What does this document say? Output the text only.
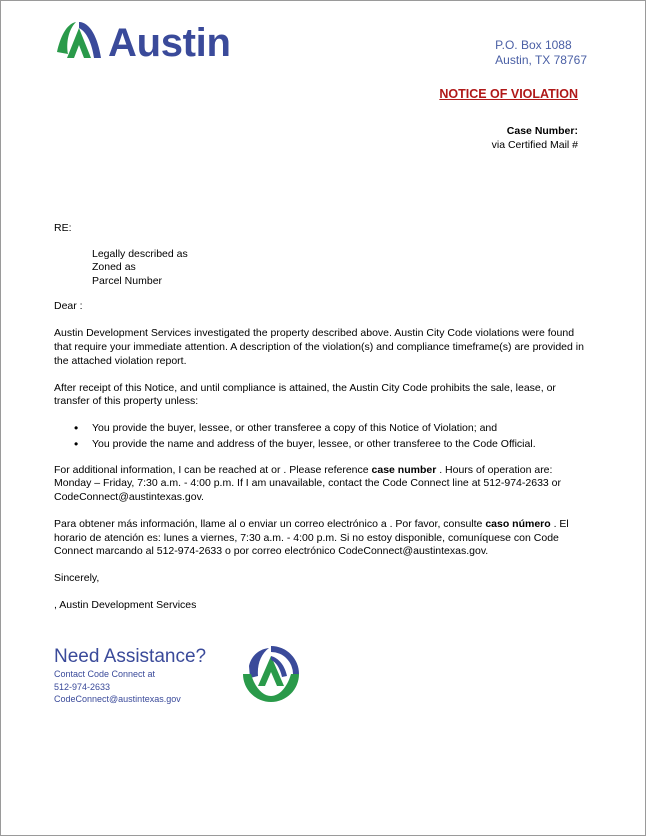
Austin	P.O. Box 1088
Austin, TX 78767
NOTICE OF VIOLATION
Case Number:
via Certified Mail #

RE:

Legally described as

Zoned as

Parcel Number

Dear :

Austin Development Services investigated the property described above. Austin City Code violations were found that require your immediate attention. A description of the violation(s) and compliance timeframe(s) are provided in the attached violation report.

After receipt of this Notice, and until compliance is attained, the Austin City Code prohibits the sale, lease, or transfer of this property unless:

• You provide the buyer, lessee, or other transferee a copy of this Notice of Violation; and
• You provide the name and address of the buyer, lessee, or other transferee to the Code Official.

For additional information, I can be reached at or . Please reference case number . Hours of operation are: Monday – Friday, 7:30 a.m. - 4:00 p.m. If I am unavailable, contact the Code Connect line at 512-974-2633 or CodeConnect@austintexas.gov.

Para obtener más información, llame al o enviar un correo electrónico a . Por favor, consulte caso número . El horario de atención es: lunes a viernes, 7:30 a.m. - 4:00 p.m. Si no estoy disponible, comuníquese con Code Connect marcando al 512-974-2633 o por correo electrónico CodeConnect@austintexas.gov.

Sincerely,

, Austin Development Services

Need Assistance?
Contact Code Connect at
512-974-2633
CodeConnect@austintexas.gov
